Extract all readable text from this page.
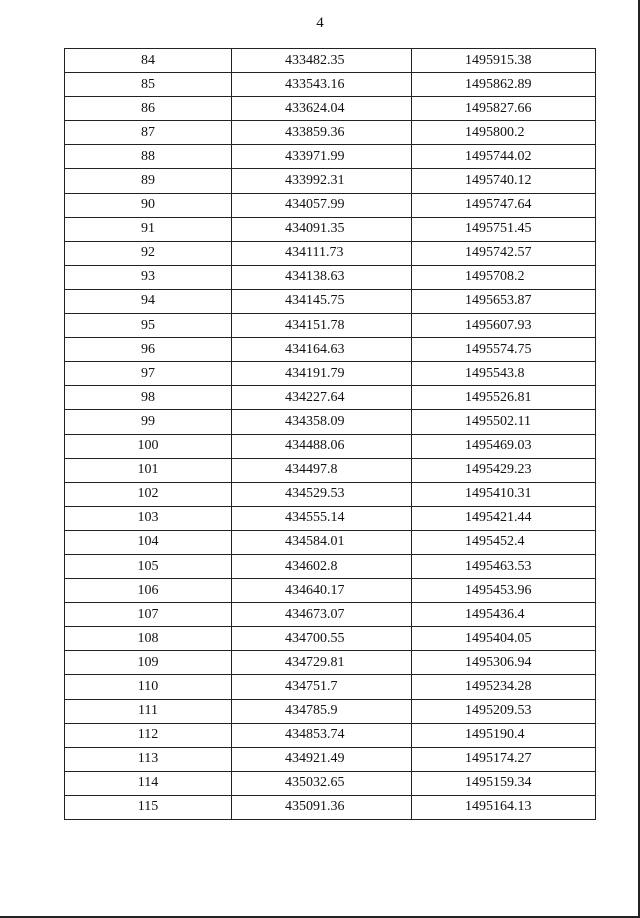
4
84	433482.35	1495915.38
85	433543.16	1495862.89
86	433624.04	1495827.66
87	433859.36	1495800.2
88	433971.99	1495744.02
89	433992.31	1495740.12
90	434057.99	1495747.64
91	434091.35	1495751.45
92	434111.73	1495742.57
93	434138.63	1495708.2
94	434145.75	1495653.87
95	434151.78	1495607.93
96	434164.63	1495574.75
97	434191.79	1495543.8
98	434227.64	1495526.81
99	434358.09	1495502.11
100	434488.06	1495469.03
101	434497.8	1495429.23
102	434529.53	1495410.31
103	434555.14	1495421.44
104	434584.01	1495452.4
105	434602.8	1495463.53
106	434640.17	1495453.96
107	434673.07	1495436.4
108	434700.55	1495404.05
109	434729.81	1495306.94
110	434751.7	1495234.28
111	434785.9	1495209.53
112	434853.74	1495190.4
113	434921.49	1495174.27
114	435032.65	1495159.34
115	435091.36	1495164.13
